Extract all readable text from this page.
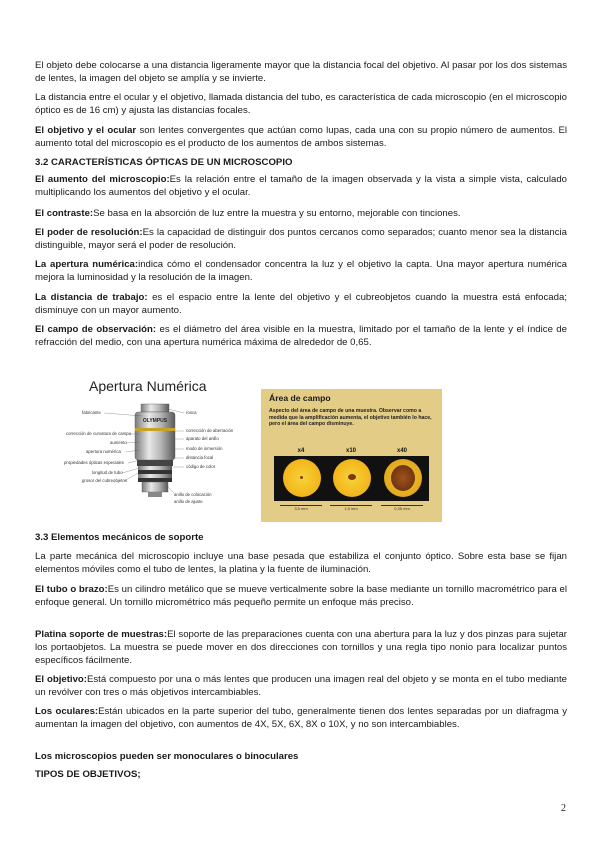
El objeto debe colocarse a una distancia ligeramente mayor que la distancia focal del objetivo. Al pasar por los dos sistemas de lentes, la imagen del objeto se amplía y se invierte.

La distancia entre el ocular y el objetivo, llamada distancia del tubo, es característica de cada microscopio (en el microscopio óptico es de 16 cm) y ajusta las distancias focales.

El objetivo y el ocular son lentes convergentes que actúan como lupas, cada una con su propio número de aumentos. El aumento total del microscopio es el producto de los aumentos de ambos sistemas.

3.2 CARACTERÍSTICAS ÓPTICAS DE UN MICROSCOPIO

El aumento del microscopio:Es la relación entre el tamaño de la imagen observada y la vista a simple vista, calculado multiplicando los aumentos del objetivo y el ocular.

El contraste:Se basa en la absorción de luz entre la muestra y su entorno, mejorable con tinciones.

El poder de resolución:Es la capacidad de distinguir dos puntos cercanos como separados; cuanto menor sea la distancia distinguible, mayor será el poder de resolución.

La apertura numérica:indica cómo el condensador concentra la luz y el objetivo la capta. Una mayor apertura numérica mejora la luminosidad y la resolución de la imagen.

La distancia de trabajo: es el espacio entre la lente del objetivo y el cubreobjetos cuando la muestra está enfocada; disminuye con un mayor aumento.

El campo de observación: es el diámetro del área visible en la muestra, limitado por el tamaño de la lente y el índice de refracción del medio, con una apertura numérica máxima de alrededor de 0,65.

Apertura Numérica
OLYMPUS
fabricante
corrección de curvatura de campo
aumento
apertura numérica
propiedades ópticas especiales
longitud de tubo
grosor del cubreobjetos
rosca
corrección de aberración
aparato del anillo
modo de inmersión
distancia focal
código de color
anillo de colocación
anillo de ajuste
Área de campo
Aspecto del área de campo de una muestra. Observar como a medida que la amplificación aumenta, el objetivo también lo hace, pero el área del campo disminuye.
x4
3,5 mm
x10
1,5 mm
x40
0,35 mm

3.3 Elementos mecánicos de soporte

La parte mecánica del microscopio incluye una base pesada que estabiliza el conjunto óptico. Sobre esta base se fijan elementos móviles como el tubo de lentes, la platina y la fuente de iluminación.

El tubo o brazo:Es un cilindro metálico que se mueve verticalmente sobre la base mediante un tornillo macrométrico para el enfoque general. Un tornillo micrométrico más pequeño permite un enfoque más preciso.

Platina soporte de muestras:El soporte de las preparaciones cuenta con una abertura para la luz y dos pinzas para sujetar los portaobjetos. La muestra se puede mover en dos direcciones con tornillos y una regla tipo nonio para localizar puntos específicos fácilmente.

El objetivo:Está compuesto por una o más lentes que producen una imagen real del objeto y se monta en el tubo mediante un revólver con tres o más objetivos intercambiables.

Los oculares:Están ubicados en la parte superior del tubo, generalmente tienen dos lentes separadas por un diafragma y aumentan la imagen del objetivo, con aumentos de 4X, 5X, 6X, 8X o 10X, y no son intercambiables.

Los microscopios pueden ser monoculares o binoculares

TIPOS DE OBJETIVOS;

2
